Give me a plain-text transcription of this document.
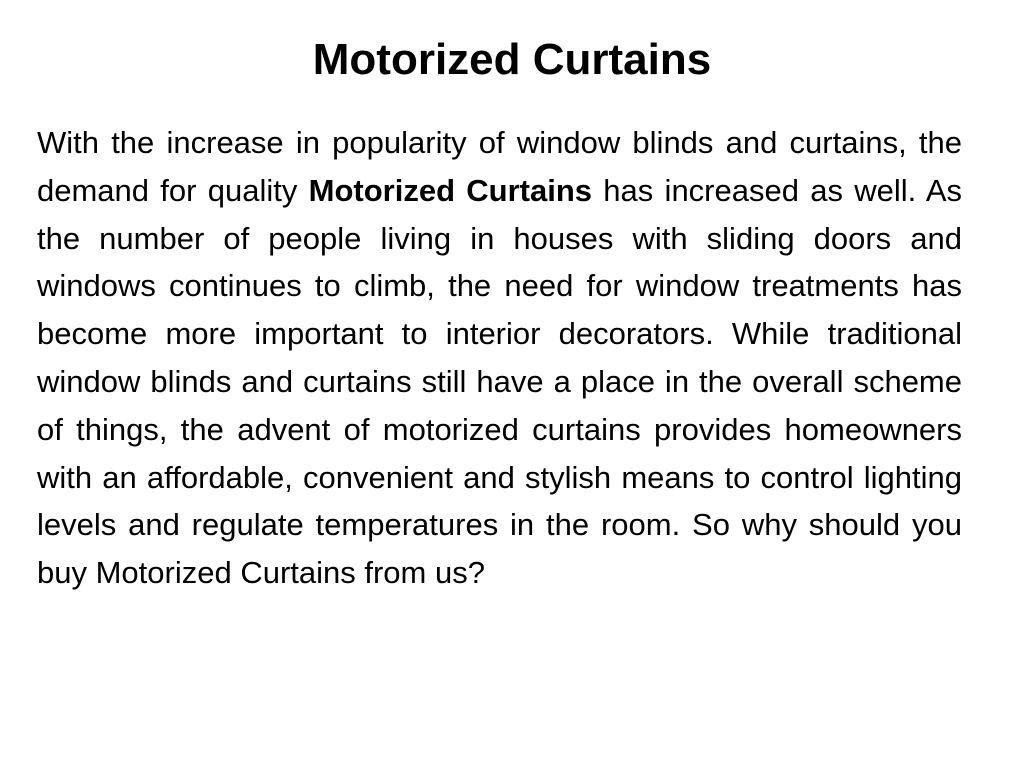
Motorized Curtains

With the increase in popularity of window blinds and curtains, the demand for quality Motorized Curtains has increased as well. As the number of people living in houses with sliding doors and windows continues to climb, the need for window treatments has become more important to interior decorators. While traditional window blinds and curtains still have a place in the overall scheme of things, the advent of motorized curtains provides homeowners with an affordable, convenient and stylish means to control lighting levels and regulate temperatures in the room. So why should you buy Motorized Curtains from us?
